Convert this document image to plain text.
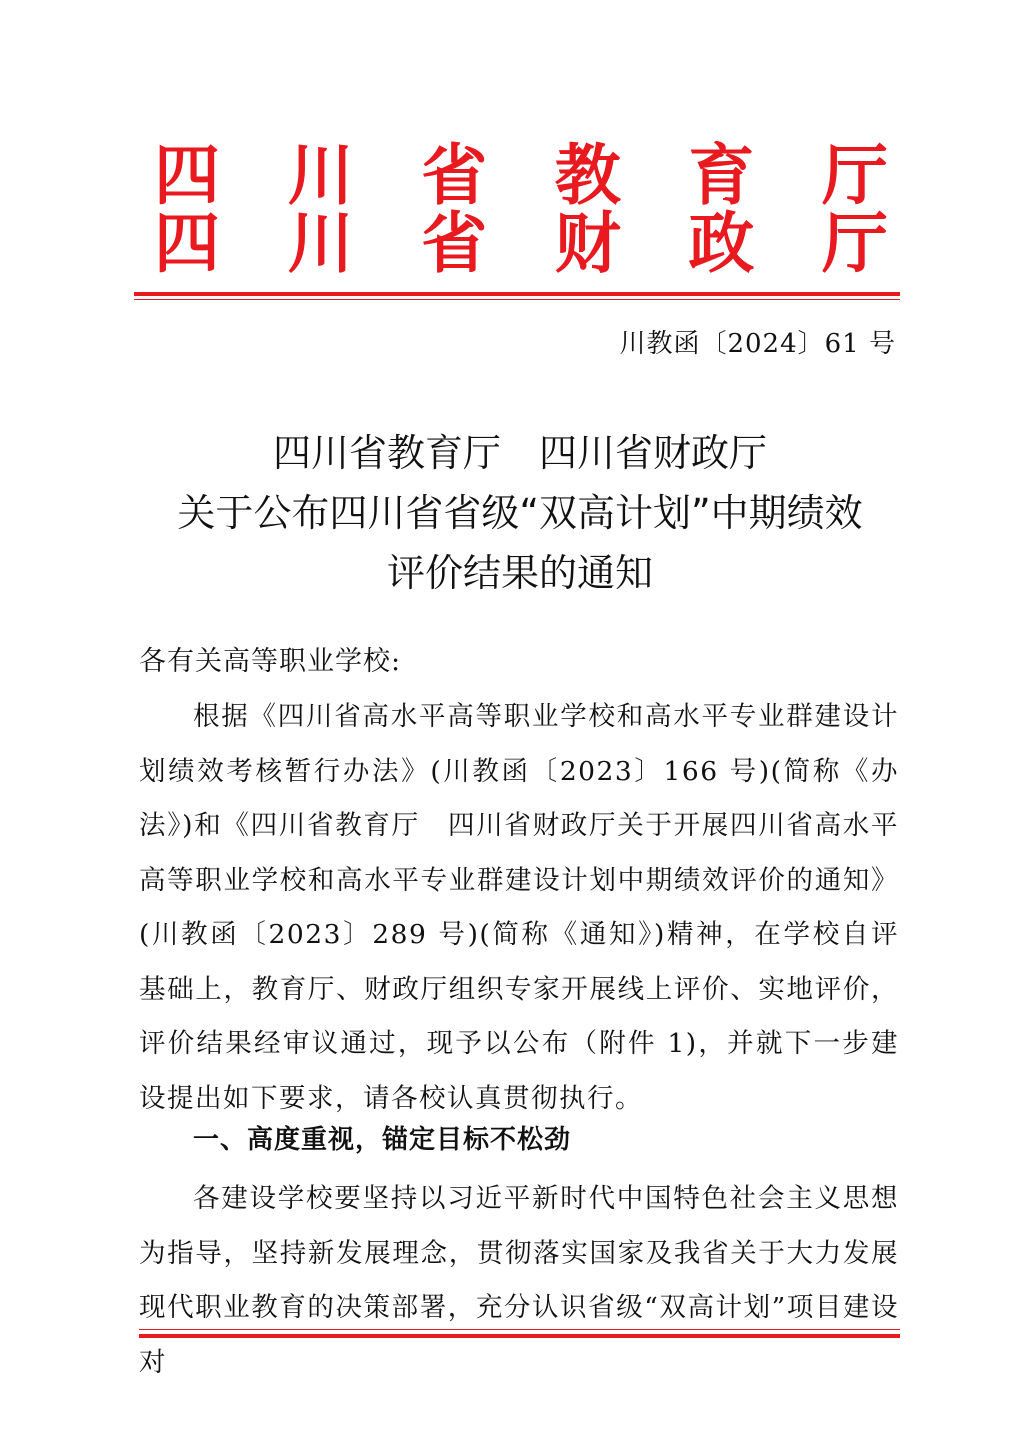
四 川 省 教 育 厅
四 川 省 财 政 厅
川教函〔2024〕61 号
四川省教育厅　四川省财政厅
关于公布四川省省级“双高计划”中期绩效
评价结果的通知
各有关高等职业学校:

根据《四川省高水平高等职业学校和高水平专业群建设计划绩效考核暂行办法》(川教函〔2023〕166 号)(简称《办法》)和《四川省教育厅　四川省财政厅关于开展四川省高水平高等职业学校和高水平专业群建设计划中期绩效评价的通知》(川教函〔2023〕289 号)(简称《通知》)精神，在学校自评基础上，教育厅、财政厅组织专家开展线上评价、实地评价，评价结果经审议通过，现予以公布（附件 1)，并就下一步建设提出如下要求，请各校认真贯彻执行。

一、高度重视，锚定目标不松劲

各建设学校要坚持以习近平新时代中国特色社会主义思想为指导，坚持新发展理念，贯彻落实国家及我省关于大力发展现代职业教育的决策部署，充分认识省级“双高计划”项目建设对
